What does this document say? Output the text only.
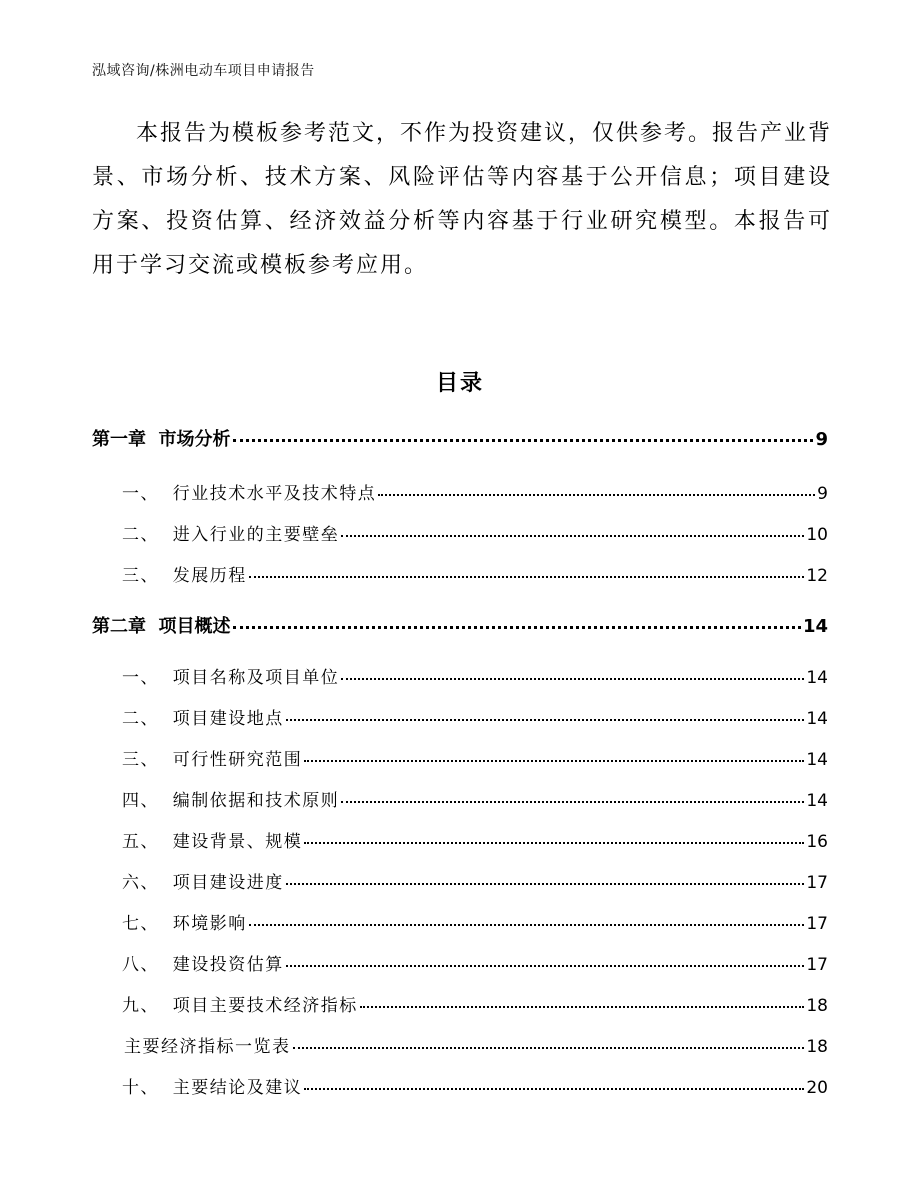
泓域咨询/株洲电动车项目申请报告
本报告为模板参考范文，不作为投资建议，仅供参考。报告产业背景、市场分析、技术方案、风险评估等内容基于公开信息；项目建设方案、投资估算、经济效益分析等内容基于行业研究模型。本报告可用于学习交流或模板参考应用。
目录
第一章  市场分析	9
一、  行业技术水平及技术特点	9
二、  进入行业的主要壁垒	10
三、  发展历程	12
第二章  项目概述	14
一、  项目名称及项目单位	14
二、  项目建设地点	14
三、  可行性研究范围	14
四、  编制依据和技术原则	14
五、  建设背景、规模	16
六、  项目建设进度	17
七、  环境影响	17
八、  建设投资估算	17
九、  项目主要技术经济指标	18
主要经济指标一览表	18
十、  主要结论及建议	20
